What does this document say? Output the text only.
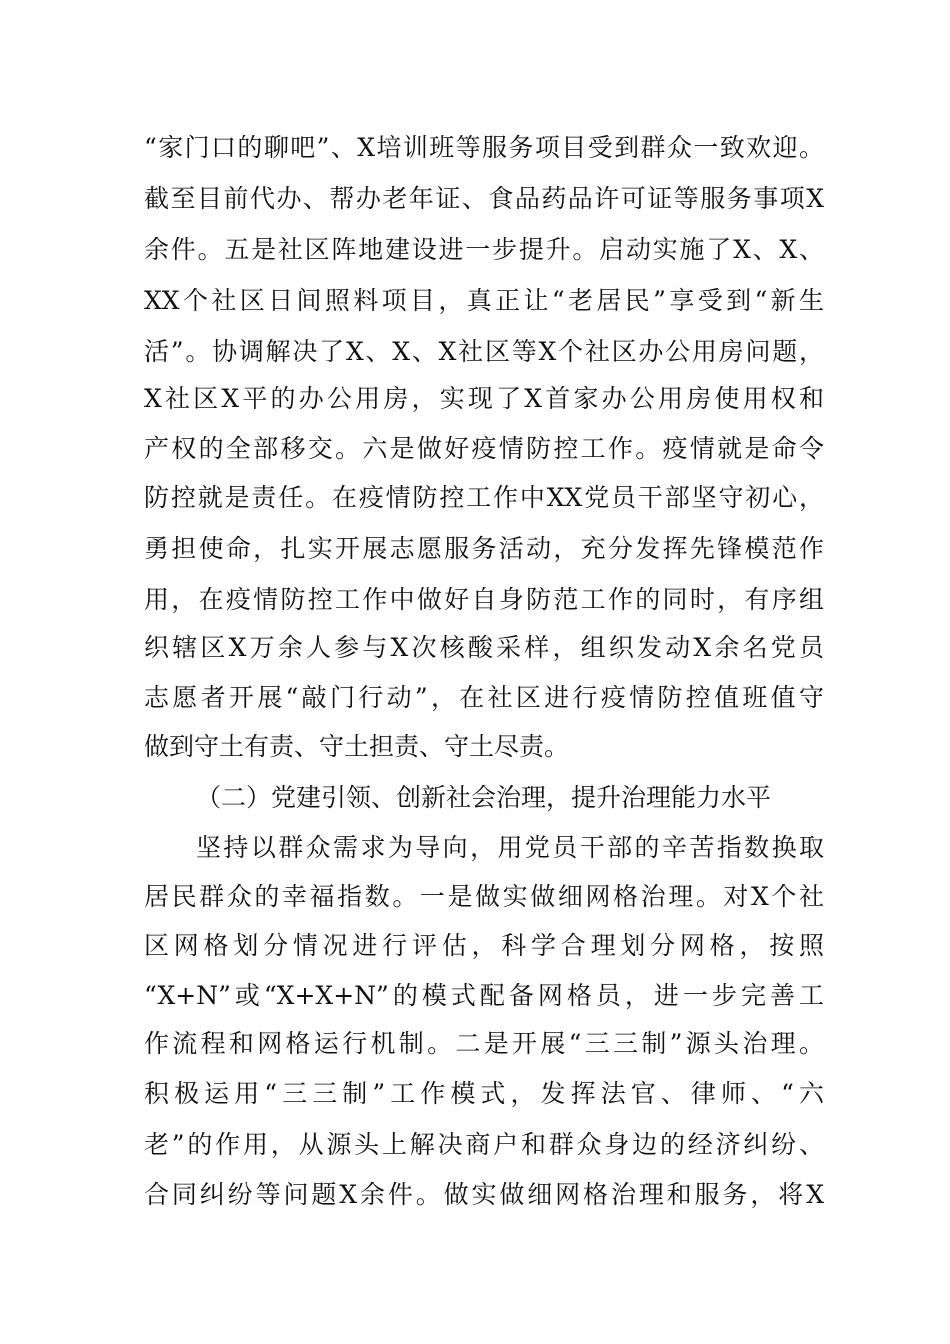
“家门口的聊吧”、X培训班等服务项目受到群众一致欢迎。
截至目前代办、帮办老年证、食品药品许可证等服务事项X
余件。五是社区阵地建设进一步提升。启动实施了X、X、
XX个社区日间照料项目，真正让“老居民”享受到“新生
活”。协调解决了X、X、X社区等X个社区办公用房问题，
X社区X平的办公用房，实现了X首家办公用房使用权和
产权的全部移交。六是做好疫情防控工作。疫情就是命令
防控就是责任。在疫情防控工作中XX党员干部坚守初心，
勇担使命，扎实开展志愿服务活动，充分发挥先锋模范作
用，在疫情防控工作中做好自身防范工作的同时，有序组
织辖区X万余人参与X次核酸采样，组织发动X余名党员
志愿者开展“敲门行动”，在社区进行疫情防控值班值守
做到守土有责、守土担责、守土尽责。
（二）党建引领、创新社会治理，提升治理能力水平
坚持以群众需求为导向，用党员干部的辛苦指数换取
居民群众的幸福指数。一是做实做细网格治理。对X个社
区网格划分情况进行评估，科学合理划分网格，按照
“X+N”或“X+X+N”的模式配备网格员，进一步完善工
作流程和网格运行机制。二是开展“三三制”源头治理。
积极运用“三三制”工作模式，发挥法官、律师、“六
老”的作用，从源头上解决商户和群众身边的经济纠纷、
合同纠纷等问题X余件。做实做细网格治理和服务，将X
